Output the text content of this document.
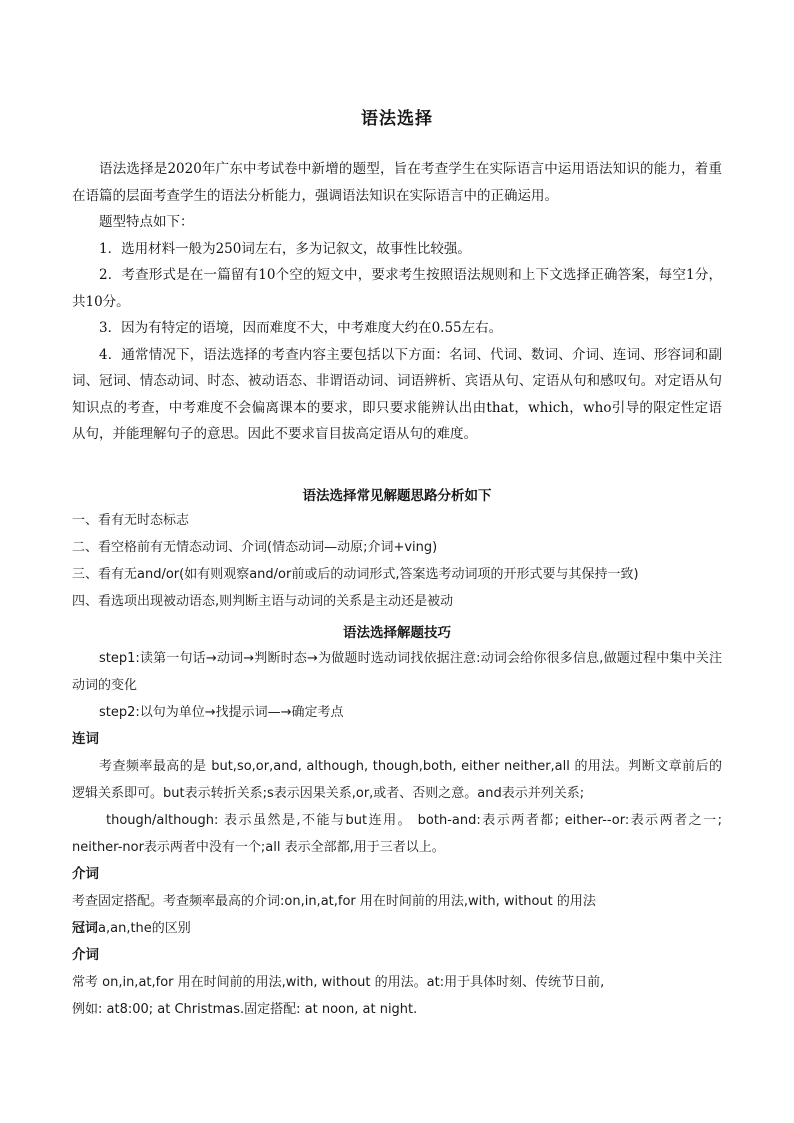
语法选择

语法选择是2020年广东中考试卷中新增的题型，旨在考查学生在实际语言中运用语法知识的能力，着重在语篇的层面考查学生的语法分析能力，强调语法知识在实际语言中的正确运用。

题型特点如下：

1．选用材料一般为250词左右，多为记叙文，故事性比较强。

2．考查形式是在一篇留有10个空的短文中，要求考生按照语法规则和上下文选择正确答案，每空1分，共10分。

3．因为有特定的语境，因而难度不大，中考难度大约在0.55左右。

4．通常情况下，语法选择的考查内容主要包括以下方面：名词、代词、数词、介词、连词、形容词和副词、冠词、情态动词、时态、被动语态、非谓语动词、词语辨析、宾语从句、定语从句和感叹句。对定语从句知识点的考查，中考难度不会偏离课本的要求，即只要求能辨认出由that，which，who引导的限定性定语从句，并能理解句子的意思。因此不要求盲目拔高定语从句的难度。

语法选择常见解题思路分析如下

一、看有无时态标志

二、看空格前有无情态动词、介词(情态动词—动原;介词+ving)

三、看有无and/or(如有则观察and/or前或后的动词形式,答案选考动词项的开形式要与其保持一致)

四、看选项出现被动语态,则判断主语与动词的关系是主动还是被动

语法选择解题技巧

step1:读第一句话→动词→判断时态→为做题时选动词找依据注意:动词会给你很多信息,做题过程中集中关注动词的变化

step2:以句为单位→找提示词—→确定考点

连词

考查频率最高的是 but,so,or,and, although, though,both, either neither,all 的用法。判断文章前后的逻辑关系即可。but表示转折关系;s表示因果关系,or,或者、否则之意。and表示并列关系;

though/although: 表示虽然是,不能与but连用。 both-and:表示两者都; either--or:表示两者之一; neither-nor表示两者中没有一个;all 表示全部都,用于三者以上。

介词

考查固定搭配。考查频率最高的介词:on,in,at,for 用在时间前的用法,with, without 的用法

冠词a,an,the的区别

介词

常考 on,in,at,for 用在时间前的用法,with, without 的用法。at:用于具体时刻、传统节日前,

例如: at8:00; at Christmas.固定搭配: at noon, at night.
